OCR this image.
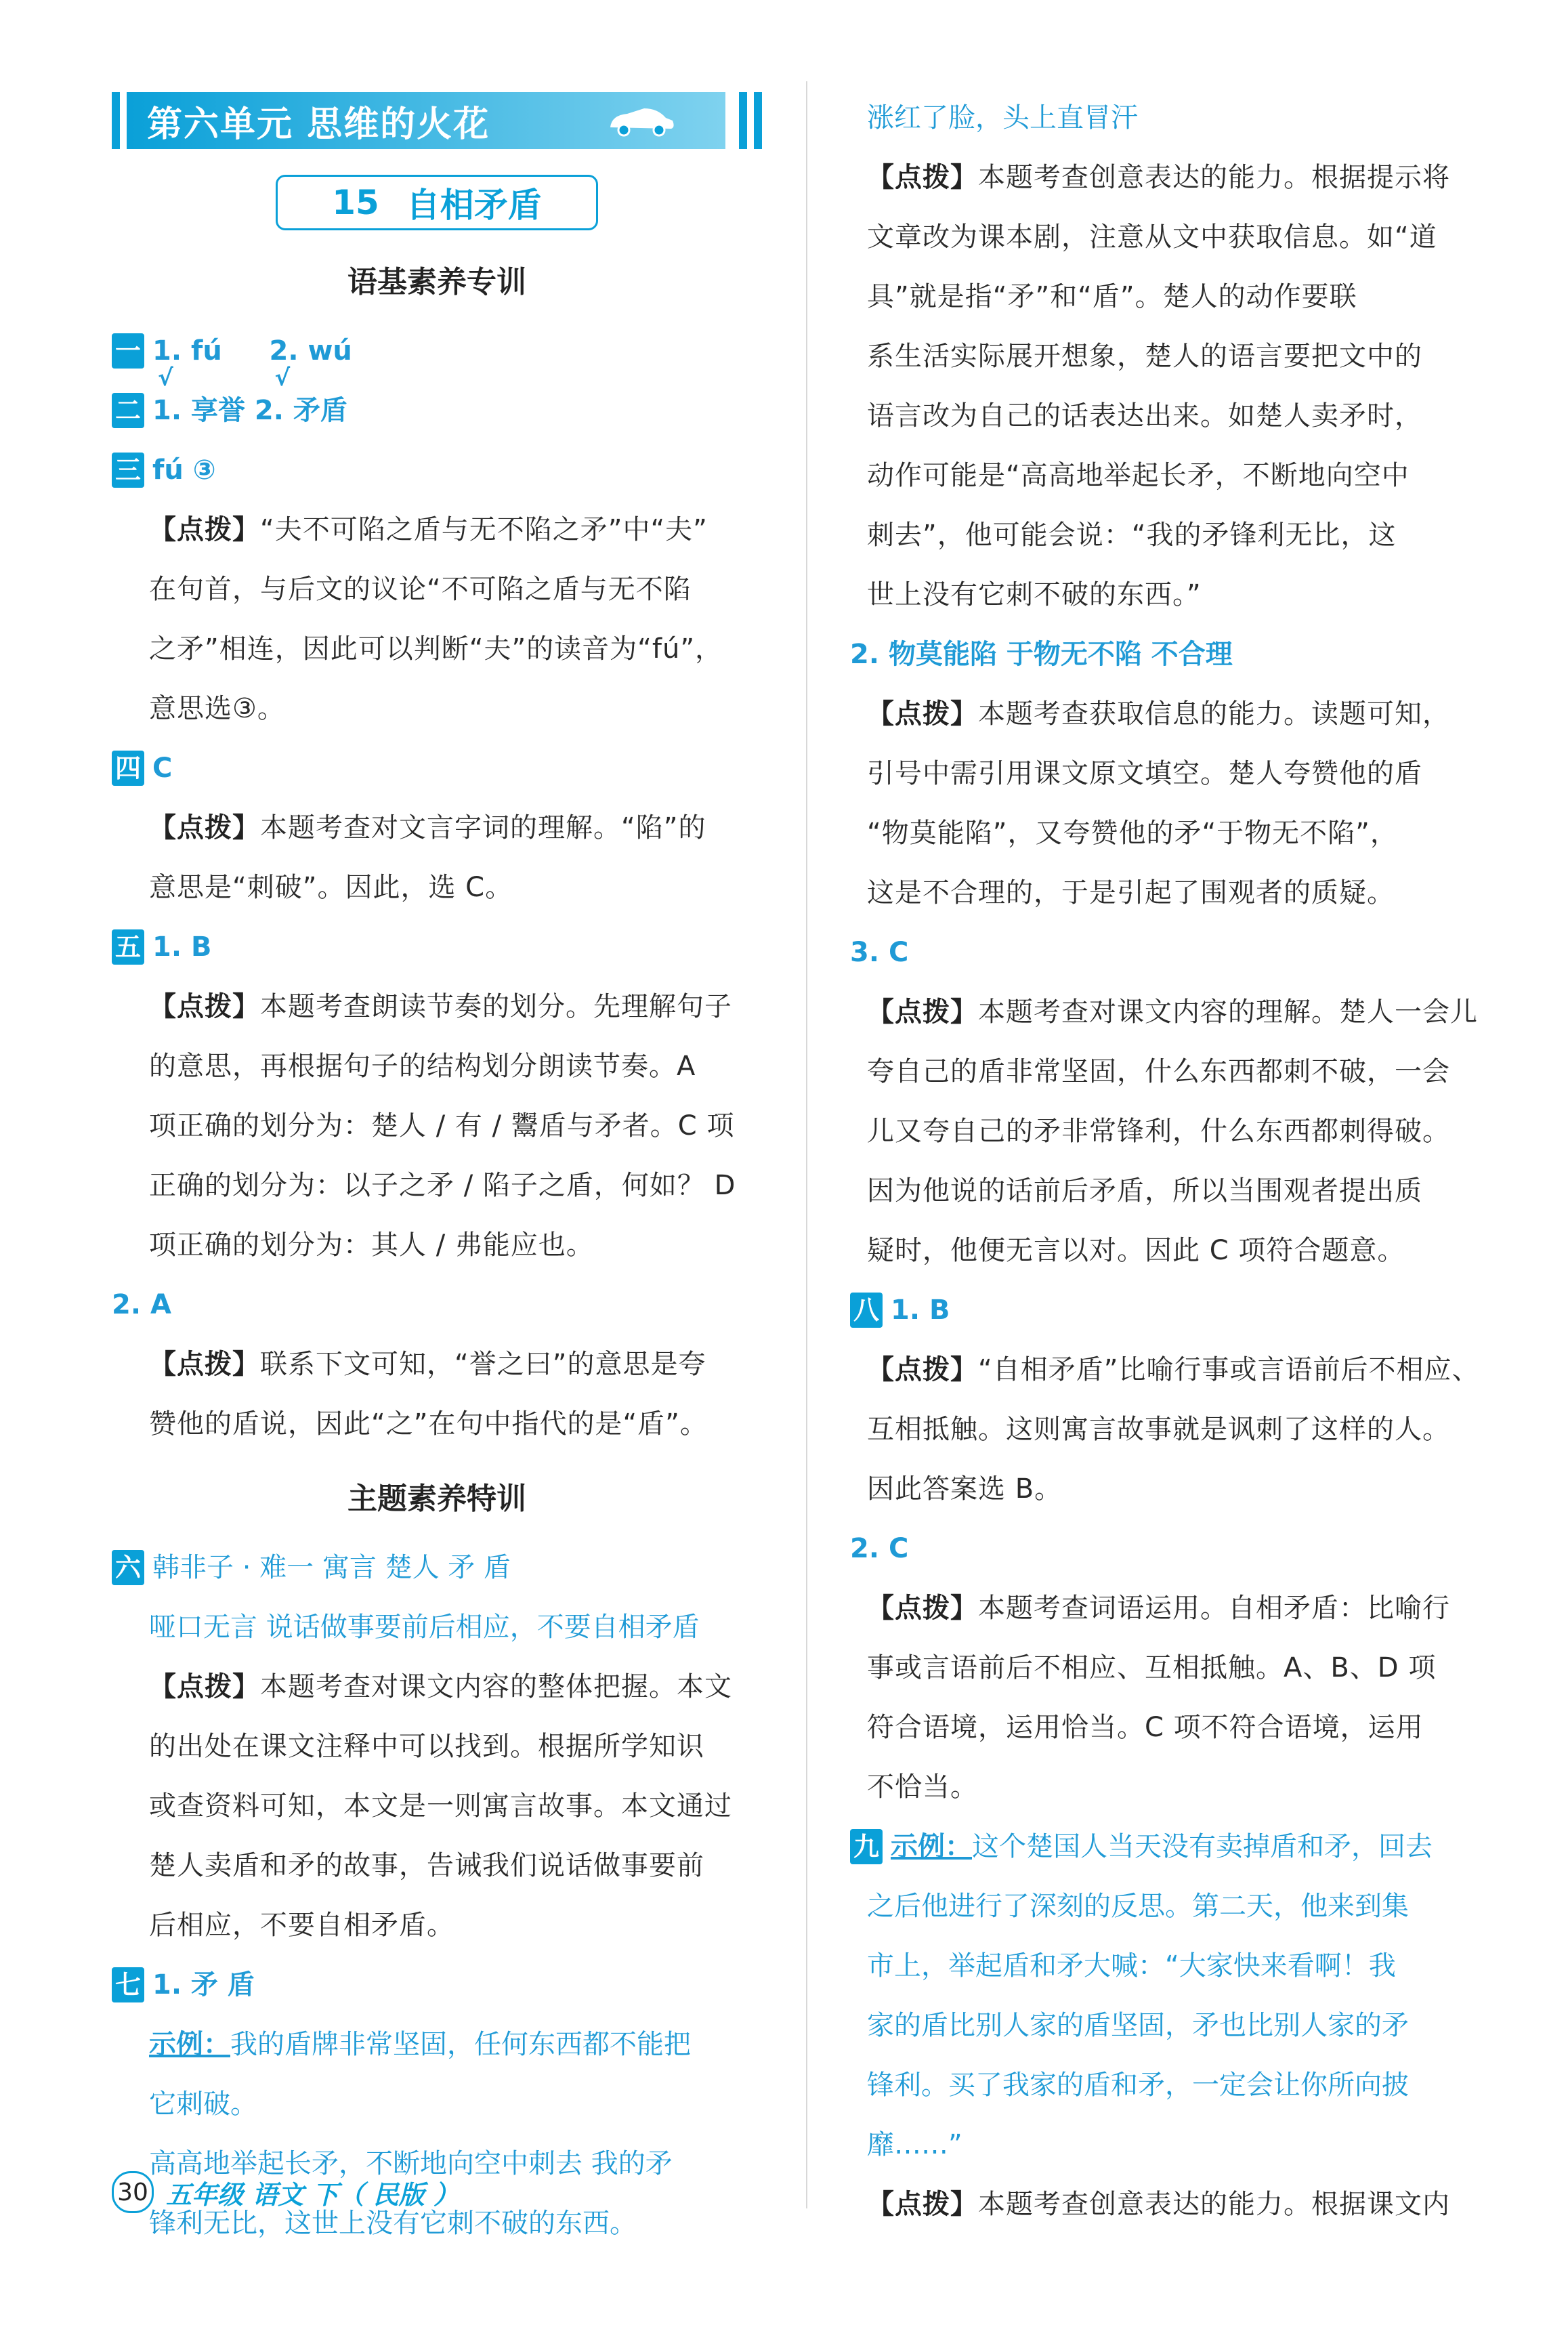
第六单元 思维的火花
15 自相矛盾
语基素养专训
一 1. fú
√
2. wú
√
二 1. 享誉 2. 矛盾
三 fú ③
【点拨】“夫不可陷之盾与无不陷之矛”中“夫”
在句首，与后文的议论“不可陷之盾与无不陷
之矛”相连，因此可以判断“夫”的读音为“fú”，
意思选③。
四 C
【点拨】本题考查对文言字词的理解。“陷”的
意思是“刺破”。因此，选 C。
五 1. B
【点拨】本题考查朗读节奏的划分。先理解句子
的意思，再根据句子的结构划分朗读节奏。A
项正确的划分为：楚人 / 有 / 鬻盾与矛者。C 项
正确的划分为：以子之矛 / 陷子之盾，何如？ D
项正确的划分为：其人 / 弗能应也。
2. A
【点拨】联系下文可知，“誉之曰”的意思是夸
赞他的盾说，因此“之”在句中指代的是“盾”。
主题素养特训
六 韩非子 · 难一 寓言 楚人 矛 盾
哑口无言 说话做事要前后相应，不要自相矛盾
【点拨】本题考查对课文内容的整体把握。本文
的出处在课文注释中可以找到。根据所学知识
或查资料可知，本文是一则寓言故事。本文通过
楚人卖盾和矛的故事，告诫我们说话做事要前
后相应，不要自相矛盾。
七 1. 矛 盾
示例：我的盾牌非常坚固，任何东西都不能把
它刺破。
高高地举起长矛，不断地向空中刺去 我的矛
锋利无比，这世上没有它刺不破的东西。
涨红了脸，头上直冒汗
【点拨】本题考查创意表达的能力。根据提示将
文章改为课本剧，注意从文中获取信息。如“道
具”就是指“矛”和“盾”。楚人的动作要联
系生活实际展开想象，楚人的语言要把文中的
语言改为自己的话表达出来。如楚人卖矛时，
动作可能是“高高地举起长矛，不断地向空中
刺去”，他可能会说：“我的矛锋利无比，这
世上没有它刺不破的东西。”
2. 物莫能陷 于物无不陷 不合理
【点拨】本题考查获取信息的能力。读题可知，
引号中需引用课文原文填空。楚人夸赞他的盾
“物莫能陷”，又夸赞他的矛“于物无不陷”，
这是不合理的，于是引起了围观者的质疑。
3. C
【点拨】本题考查对课文内容的理解。楚人一会儿
夸自己的盾非常坚固，什么东西都刺不破，一会
儿又夸自己的矛非常锋利，什么东西都刺得破。
因为他说的话前后矛盾，所以当围观者提出质
疑时，他便无言以对。因此 C 项符合题意。
八 1. B
【点拨】“自相矛盾”比喻行事或言语前后不相应、
互相抵触。这则寓言故事就是讽刺了这样的人。
因此答案选 B。
2. C
【点拨】本题考查词语运用。自相矛盾：比喻行
事或言语前后不相应、互相抵触。A、B、D 项
符合语境，运用恰当。C 项不符合语境，运用
不恰当。
九 示例：这个楚国人当天没有卖掉盾和矛，回去
之后他进行了深刻的反思。第二天，他来到集
市上，举起盾和矛大喊：“大家快来看啊！我
家的盾比别人家的盾坚固，矛也比别人家的矛
锋利。买了我家的盾和矛，一定会让你所向披
靡……”
【点拨】本题考查创意表达的能力。根据课文内
30 五年级 语文 下（ 民版 ）
